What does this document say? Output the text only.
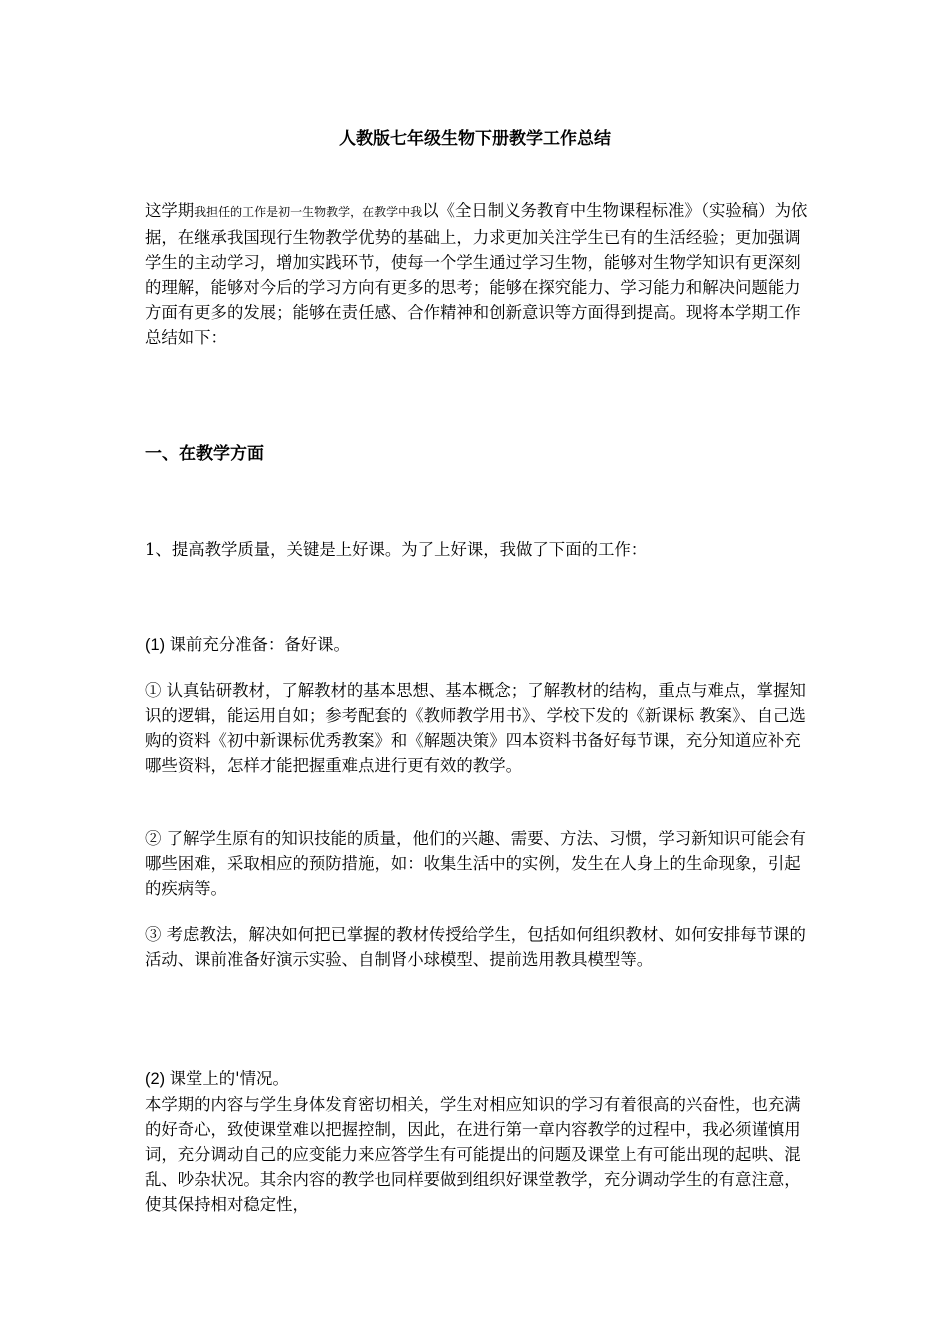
人教版七年级生物下册教学工作总结

这学期我担任的工作是初一生物教学，在教学中我以《全日制义务教育中生物课程标准》（实验稿）为依据，在继承我国现行生物教学优势的基础上，力求更加关注学生已有的生活经验；更加强调学生的主动学习，增加实践环节，使每一个学生通过学习生物，能够对生物学知识有更深刻的理解，能够对今后的学习方向有更多的思考；能够在探究能力、学习能力和解决问题能力方面有更多的发展；能够在责任感、合作精神和创新意识等方面得到提高。现将本学期工作总结如下：

一、在教学方面

1、提高教学质量，关键是上好课。为了上好课，我做了下面的工作：

(1) 课前充分准备：备好课。

① 认真钻研教材，了解教材的基本思想、基本概念；了解教材的结构，重点与难点，掌握知识的逻辑，能运用自如；参考配套的《教师教学用书》、学校下发的《新课标 教案》、自己选购的资料《初中新课标优秀教案》和《解题决策》四本资料书备好每节课，充分知道应补充哪些资料，怎样才能把握重难点进行更有效的教学。

② 了解学生原有的知识技能的质量，他们的兴趣、需要、方法、习惯，学习新知识可能会有哪些困难，采取相应的预防措施，如：收集生活中的实例，发生在人身上的生命现象，引起的疾病等。

③ 考虑教法，解决如何把已掌握的教材传授给学生，包括如何组织教材、如何安排每节课的活动、课前准备好演示实验、自制肾小球模型、提前选用教具模型等。

(2) 课堂上的'情况。

本学期的内容与学生身体发育密切相关，学生对相应知识的学习有着很高的兴奋性，也充满的好奇心，致使课堂难以把握控制，因此，在进行第一章内容教学的过程中，我必须谨慎用词，充分调动自己的应变能力来应答学生有可能提出的问题及课堂上有可能出现的起哄、混乱、吵杂状况。其余内容的教学也同样要做到组织好课堂教学，充分调动学生的有意注意，使其保持相对稳定性，
